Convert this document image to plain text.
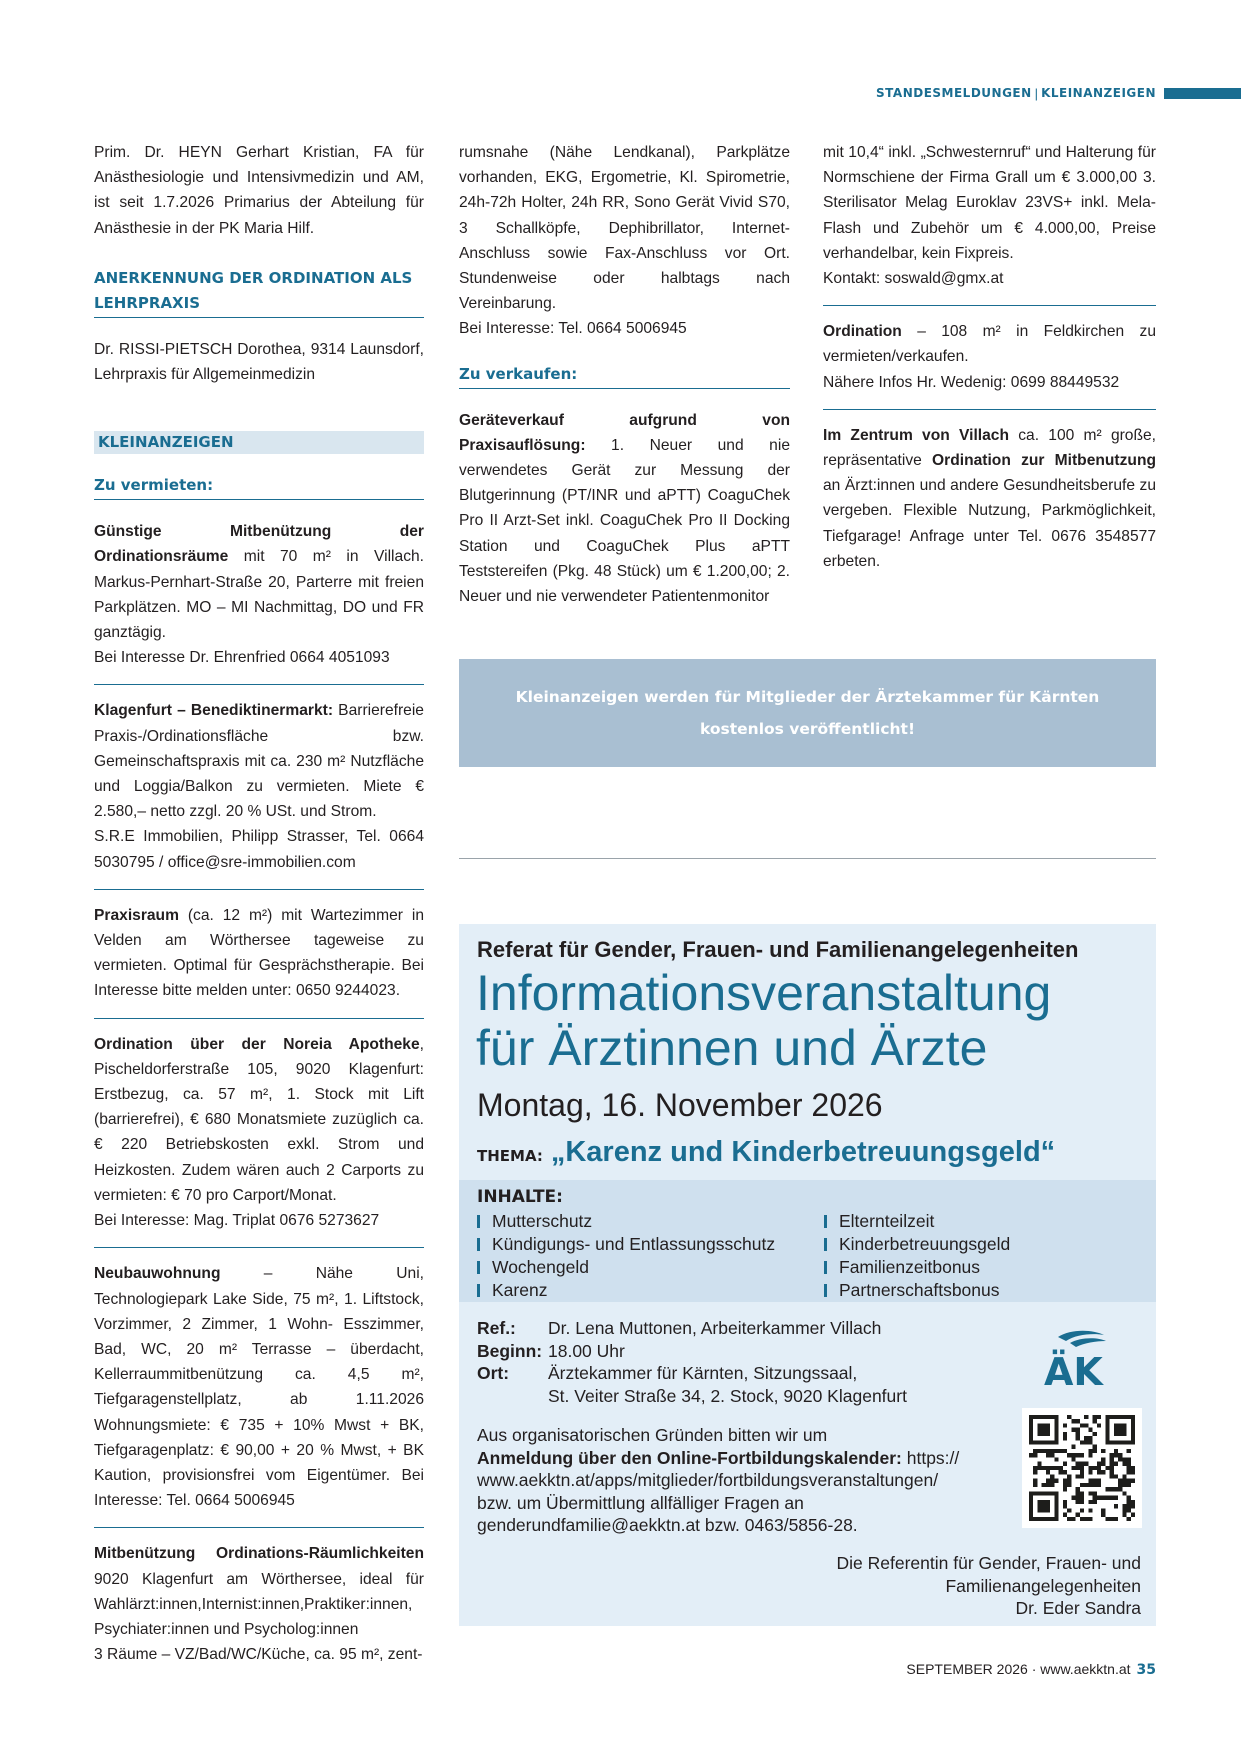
STANDESMELDUNGEN | KLEINANZEIGEN

Prim. Dr. HEYN Gerhart Kristian, FA für Anästhesiologie und Intensivmedizin und AM, ist seit 1.7.2026 Primarius der Abteilung für Anästhesie in der PK Maria Hilf.

ANERKENNUNG DER ORDINATION ALS LEHRPRAXIS

Dr. RISSI-PIETSCH Dorothea, 9314 Launsdorf, Lehrpraxis für Allgemeinmedizin

KLEINANZEIGEN
Zu vermieten:

Günstige Mitbenützung der Ordinationsräume mit 70 m² in Villach. Markus-Pernhart-Straße 20, Parterre mit freien Parkplätzen. MO – MI Nachmittag, DO und FR ganztägig.

Bei Interesse Dr. Ehrenfried 0664 4051093

Klagenfurt – Benediktinermarkt: Barrierefreie Praxis-/Ordinationsfläche bzw. Gemeinschaftspraxis mit ca. 230 m² Nutzfläche und Loggia/Balkon zu vermieten. Miete € 2.580,– netto zzgl. 20 % USt. und Strom.

S.R.E Immobilien, Philipp Strasser, Tel. 0664 5030795 / office@sre-immobilien.com

Praxisraum (ca. 12 m²) mit Wartezimmer in Velden am Wörthersee tageweise zu vermieten. Optimal für Gesprächstherapie. Bei Interesse bitte melden unter: 0650 9244023.

Ordination über der Noreia Apotheke, Pischeldorferstraße 105, 9020 Klagenfurt: Erstbezug, ca. 57 m², 1. Stock mit Lift (barrierefrei), € 680 Monatsmiete zuzüglich ca. € 220 Betriebskosten exkl. Strom und Heizkosten. Zudem wären auch 2 Carports zu vermieten: € 70 pro Carport/Monat.

Bei Interesse: Mag. Triplat 0676 5273627

Neubauwohnung – Nähe Uni, Technologiepark Lake Side, 75 m², 1. Liftstock, Vorzimmer, 2 Zimmer, 1 Wohn- Esszimmer, Bad, WC, 20 m² Terrasse – überdacht, Kellerraummitbenützung ca. 4,5 m², Tiefgaragenstellplatz, ab 1.11.2026 Wohnungsmiete: € 735 + 10% Mwst + BK, Tiefgaragenplatz: € 90,00 + 20 % Mwst, + BK Kaution, provisionsfrei vom Eigentümer. Bei Interesse: Tel. 0664 5006945

Mitbenützung Ordinations-Räumlichkeiten 9020 Klagenfurt am Wörthersee, ideal für Wahlärzt:innen,Internist:innen,Praktiker:innen, Psychiater:innen und Psycholog:innen

3 Räume – VZ/Bad/WC/Küche, ca. 95 m², zent-

rumsnahe (Nähe Lendkanal), Parkplätze vorhanden, EKG, Ergometrie, Kl. Spirometrie, 24h-72h Holter, 24h RR, Sono Gerät Vivid S70, 3 Schallköpfe, Dephibrillator, Internet-Anschluss sowie Fax-Anschluss vor Ort. Stundenweise oder halbtags nach Vereinbarung.

Bei Interesse: Tel. 0664 5006945

Zu verkaufen:

Geräteverkauf aufgrund von Praxisauflösung: 1. Neuer und nie verwendetes Gerät zur Messung der Blutgerinnung (PT/INR und aPTT) CoaguChek Pro II Arzt-Set inkl. CoaguChek Pro II Docking Station und CoaguChek Plus aPTT Teststereifen (Pkg. 48 Stück) um € 1.200,00; 2. Neuer und nie verwendeter Patientenmonitor

mit 10,4“ inkl. „Schwesternruf“ und Halterung für Normschiene der Firma Grall um € 3.000,00 3. Sterilisator Melag Euroklav 23VS+ inkl. Mela-Flash und Zubehör um € 4.000,00, Preise verhandelbar, kein Fixpreis.

Kontakt: soswald@gmx.at

Ordination – 108 m² in Feldkirchen zu vermieten/verkaufen.

Nähere Infos Hr. Wedenig: 0699 88449532

Im Zentrum von Villach ca. 100 m² große, repräsentative Ordination zur Mitbenutzung an Ärzt:innen und andere Gesundheitsberufe zu vergeben. Flexible Nutzung, Parkmöglichkeit, Tiefgarage! Anfrage unter Tel. 0676 3548577 erbeten.

Kleinanzeigen werden für Mitglieder der Ärztekammer für Kärnten
kostenlos veröffentlicht!
Referat für Gender, Frauen- und Familienangelegenheiten
Informationsveranstaltung
für Ärztinnen und Ärzte
Montag, 16. November 2026
THEMA: „Karenz und Kinderbetreuungsgeld“
INHALTE:
Mutterschutz
Kündigungs- und Entlassungsschutz
Wochengeld
Karenz
Elternteilzeit
Kinderbetreuungsgeld
Familienzeitbonus
Partnerschaftsbonus
Ref.:	Dr. Lena Muttonen, Arbeiterkammer Villach
Beginn: 18.00 Uhr
Ort:	Ärztekammer für Kärnten, Sitzungssaal,
St. Veiter Straße 34, 2. Stock, 9020 Klagenfurt
ÄK
Aus organisatorischen Gründen bitten wir um
Anmeldung über den Online-Fortbildungskalender: https://
www.aekktn.at/apps/mitglieder/fortbildungsveranstaltungen/
bzw. um Übermittlung allfälliger Fragen an
genderundfamilie@aekktn.at bzw. 0463/5856-28.
Die Referentin für Gender, Frauen- und
Familienangelegenheiten
Dr. Eder Sandra
SEPTEMBER 2026 · www.aekktn.at 35
